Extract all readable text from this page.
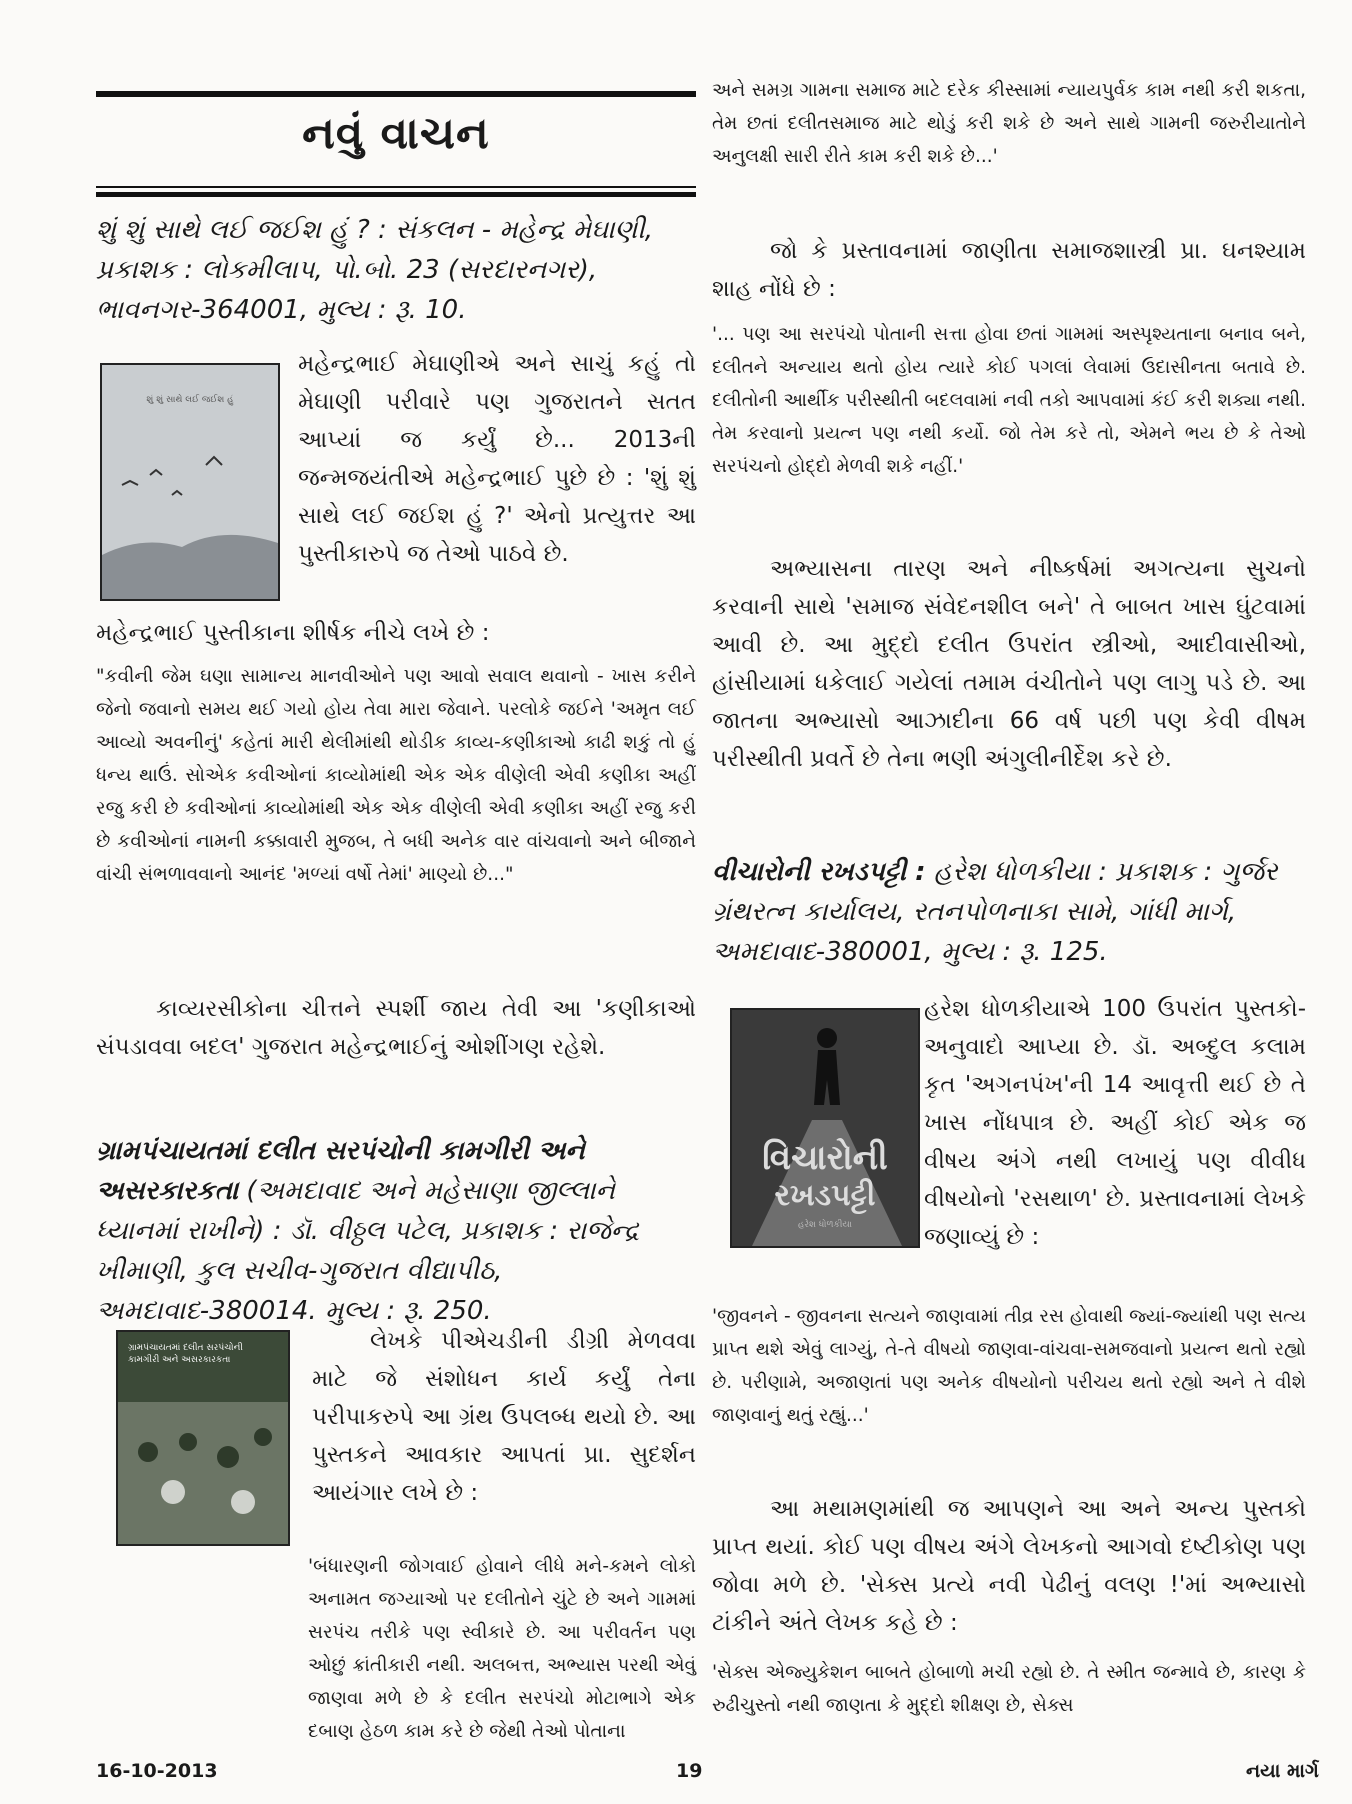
નવું વાચન
શું શું સાથે લઈ જઈશ હું ? : સંકલન - મહેન્દ્ર મેઘાણી, પ્રકાશક : લોકમીલાપ, પો.બો. 23 (સરદારનગર), ભાવનગર-364001, મુલ્ય : રૂ. 10.
શું શું સાથે લઈ જઈશ હું
મહેન્દ્રભાઈ મેઘાણીએ અને સાચું કહું તો મેઘાણી પરીવારે પણ ગુજરાતને સતત આપ્યાં જ કર્યું છે... 2013ની જન્મજયંતીએ મહેન્દ્રભાઈ પુછે છે : 'શું શું સાથે લઈ જઈશ હું ?' એનો પ્રત્યુત્તર આ પુસ્તીકારુપે જ તેઓ પાઠવે છે.
મહેન્દ્રભાઈ પુસ્તીકાના શીર્ષક નીચે લખે છે :
"કવીની જેમ ઘણા સામાન્ય માનવીઓને પણ આવો સવાલ થવાનો - ખાસ કરીને જેનો જવાનો સમય થઈ ગયો હોય તેવા મારા જેવાને. પરલોકે જઈને 'અમૃત લઈ આવ્યો અવનીનું' કહેતાં મારી થેલીમાંથી થોડીક કાવ્ય-કણીકાઓ કાઢી શકું તો હું ધન્ય થાઉં. સોએક કવીઓનાં કાવ્યોમાંથી એક એક વીણેલી એવી કણીકા અહીં રજુ કરી છે કવીઓનાં કાવ્યોમાંથી એક એક વીણેલી એવી કણીકા અહીં રજુ કરી છે કવીઓનાં નામની કક્કાવારી મુજબ, તે બધી અનેક વાર વાંચવાનો અને બીજાને વાંચી સંભળાવવાનો આનંદ 'મળ્યાં વર્ષો તેમાં' માણ્યો છે..."
કાવ્યરસીકોના ચીત્તને સ્પર્શી જાય તેવી આ 'કણીકાઓ સંપડાવવા બદલ' ગુજરાત મહેન્દ્રભાઈનું ઓશીંગણ રહેશે.
ગ્રામપંચાયતમાં દલીત સરપંચોની કામગીરી અને અસરકારકતા (અમદાવાદ અને મહેસાણા જીલ્લાને ધ્યાનમાં રાખીને) : ડૉ. વીઠ્ઠલ પટેલ, પ્રકાશક : રાજેન્દ્ર ખીમાણી, કુલ સચીવ-ગુજરાત વીદ્યાપીઠ, અમદાવાદ-380014. મુલ્ય : રૂ. 250.
ગ્રામપંચાયતમાં દલીત સરપંચોની કામગીરી અને અસરકારકતા
લેખકે પીએચડીની ડીગ્રી મેળવવા માટે જે સંશોધન કાર્ય કર્યું તેના પરીપાકરુપે આ ગ્રંથ ઉપલબ્ધ થયો છે. આ પુસ્તકને આવકાર આપતાં પ્રા. સુદર્શન આયંગાર લખે છે :
'બંધારણની જોગવાઈ હોવાને લીધે મને-કમને લોકો અનામત જગ્યાઓ પર દલીતોને ચુંટે છે અને ગામમાં સરપંચ તરીકે પણ સ્વીકારે છે. આ પરીવર્તન પણ ઓછું ક્રાંતીકારી નથી. અલબત્ત, અભ્યાસ પરથી એવું જાણવા મળે છે કે દલીત સરપંચો મોટાભાગે એક દબાણ હેઠળ કામ કરે છે જેથી તેઓ પોતાના
અને સમગ્ર ગામના સમાજ માટે દરેક કીસ્સામાં ન્યાયપુર્વક કામ નથી કરી શકતા, તેમ છતાં દલીતસમાજ માટે થોડું કરી શકે છે અને સાથે ગામની જરુરીયાતોને અનુલક્ષી સારી રીતે કામ કરી શકે છે...'
જો કે પ્રસ્તાવનામાં જાણીતા સમાજશાસ્ત્રી પ્રા. ઘનશ્યામ શાહ નોંધે છે :
'... પણ આ સરપંચો પોતાની સત્તા હોવા છતાં ગામમાં અસ્પૃશ્યતાના બનાવ બને, દલીતને અન્યાય થતો હોય ત્યારે કોઈ પગલાં લેવામાં ઉદાસીનતા બતાવે છે. દલીતોની આર્થીક પરીસ્થીતી બદલવામાં નવી તકો આપવામાં કંઈ કરી શક્યા નથી. તેમ કરવાનો પ્રયત્ન પણ નથી કર્યો. જો તેમ કરે તો, એમને ભય છે કે તેઓ સરપંચનો હોદ્દો મેળવી શકે નહીં.'
અભ્યાસના તારણ અને નીષ્કર્ષમાં અગત્યના સુચનો કરવાની સાથે 'સમાજ સંવેદનશીલ બને' તે બાબત ખાસ ઘુંટવામાં આવી છે. આ મુદ્દો દલીત ઉપરાંત સ્ત્રીઓ, આદીવાસીઓ, હાંસીયામાં ધકેલાઈ ગયેલાં તમામ વંચીતોને પણ લાગુ પડે છે. આ જાતના અભ્યાસો આઝાદીના 66 વર્ષ પછી પણ કેવી વીષમ પરીસ્થીતી પ્રવર્તે છે તેના ભણી અંગુલીનીર્દેશ કરે છે.
વીચારોની રખડપટ્ટી : હરેશ ધોળકીયા : પ્રકાશક : ગુર્જર ગ્રંથરત્ન કાર્યાલય, રતનપોળનાકા સામે, ગાંધી માર્ગ, અમદાવાદ-380001, મુલ્ય : રૂ. 125.
વિચારોની
રખડપટ્ટી
હરેશ ધોળકીયા
હરેશ ધોળકીયાએ 100 ઉપરાંત પુસ્તકો-અનુવાદો આપ્યા છે. ડૉ. અબ્દુલ કલામ કૃત 'અગનપંખ'ની 14 આવૃત્તી થઈ છે તે ખાસ નોંધપાત્ર છે. અહીં કોઈ એક જ વીષય અંગે નથી લખાયું પણ વીવીધ વીષયોનો 'રસથાળ' છે. પ્રસ્તાવનામાં લેખકે જણાવ્યું છે :
'જીવનને - જીવનના સત્યને જાણવામાં તીવ્ર રસ હોવાથી જ્યાં-જ્યાંથી પણ સત્ય પ્રાપ્ત થશે એવું લાગ્યું, તે-તે વીષયો જાણવા-વાંચવા-સમજવાનો પ્રયત્ન થતો રહ્યો છે. પરીણામે, અજાણતાં પણ અનેક વીષયોનો પરીચય થતો રહ્યો અને તે વીશે જાણવાનું થતું રહ્યું...'
આ મથામણમાંથી જ આપણને આ અને અન્ય પુસ્તકો પ્રાપ્ત થયાં. કોઈ પણ વીષય અંગે લેખકનો આગવો દષ્ટીકોણ પણ જોવા મળે છે. 'સેક્સ પ્રત્યે નવી પેઢીનું વલણ !'માં અભ્યાસો ટાંકીને અંતે લેખક કહે છે :
'સેક્સ એજ્યુકેશન બાબતે હોબાળો મચી રહ્યો છે. તે સ્મીત જન્માવે છે, કારણ કે રુઢીચુસ્તો નથી જાણતા કે મુદ્દો શીક્ષણ છે, સેક્સ
16-10-2013	19	નયા માર્ગ
